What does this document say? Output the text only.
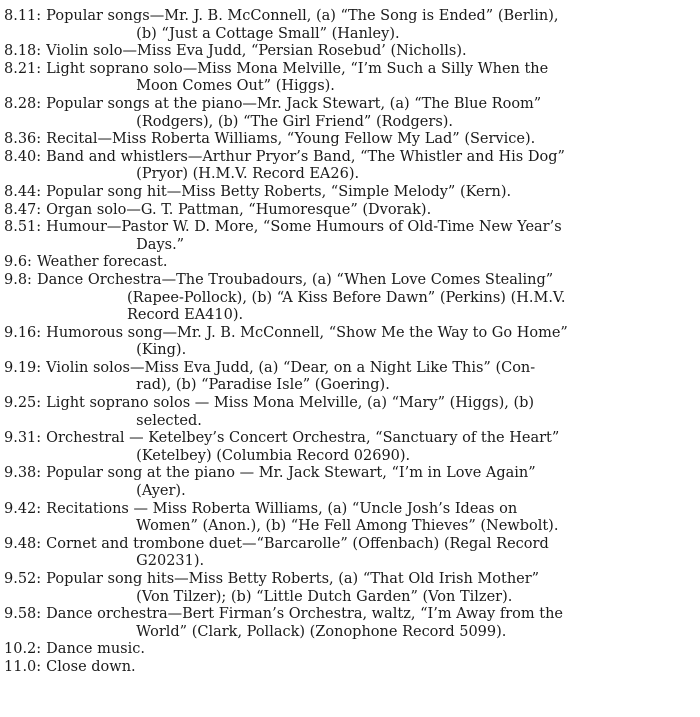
8.11: Popular songs—Mr. J. B. McConnell, (a) “The Song is Ended” (Berlin),
(b) “Just a Cottage Small” (Hanley).
8.18: Violin solo—Miss Eva Judd, “Persian Rosebud’ (Nicholls).
8.21: Light soprano solo—Miss Mona Melville, “I’m Such a Silly When the
Moon Comes Out” (Higgs).
8.28: Popular songs at the piano—Mr. Jack Stewart, (a) “The Blue Room”
(Rodgers), (b) “The Girl Friend” (Rodgers).
8.36: Recital—Miss Roberta Williams, “Young Fellow My Lad” (Service).
8.40: Band and whistlers—Arthur Pryor’s Band, “The Whistler and His Dog”
(Pryor) (H.M.V. Record EA26).
8.44: Popular song hit—Miss Betty Roberts, “Simple Melody” (Kern).
8.47: Organ solo—G. T. Pattman, “Humoresque” (Dvorak).
8.51: Humour—Pastor W. D. More, “Some Humours of Old-Time New Year’s
Days.”
9.6: Weather forecast.
9.8: Dance Orchestra—The Troubadours, (a) “When Love Comes Stealing”
(Rapee-Pollock), (b) “A Kiss Before Dawn” (Perkins) (H.M.V.
Record EA410).
9.16: Humorous song—Mr. J. B. McConnell, “Show Me the Way to Go Home”
(King).
9.19: Violin solos—Miss Eva Judd, (a) “Dear, on a Night Like This” (Con-
rad), (b) “Paradise Isle” (Goering).
9.25: Light soprano solos — Miss Mona Melville, (a) “Mary” (Higgs), (b)
selected.
9.31: Orchestral — Ketelbey’s Concert Orchestra, “Sanctuary of the Heart”
(Ketelbey) (Columbia Record 02690).
9.38: Popular song at the piano — Mr. Jack Stewart, “I’m in Love Again”
(Ayer).
9.42: Recitations — Miss Roberta Williams, (a) “Uncle Josh’s Ideas on
Women” (Anon.), (b) “He Fell Among Thieves” (Newbolt).
9.48: Cornet and trombone duet—“Barcarolle” (Offenbach) (Regal Record
G20231).
9.52: Popular song hits—Miss Betty Roberts, (a) “That Old Irish Mother”
(Von Tilzer); (b) “Little Dutch Garden” (Von Tilzer).
9.58: Dance orchestra—Bert Firman’s Orchestra, waltz, “I’m Away from the
World” (Clark, Pollack) (Zonophone Record 5099).
10.2: Dance music.
11.0: Close down.
